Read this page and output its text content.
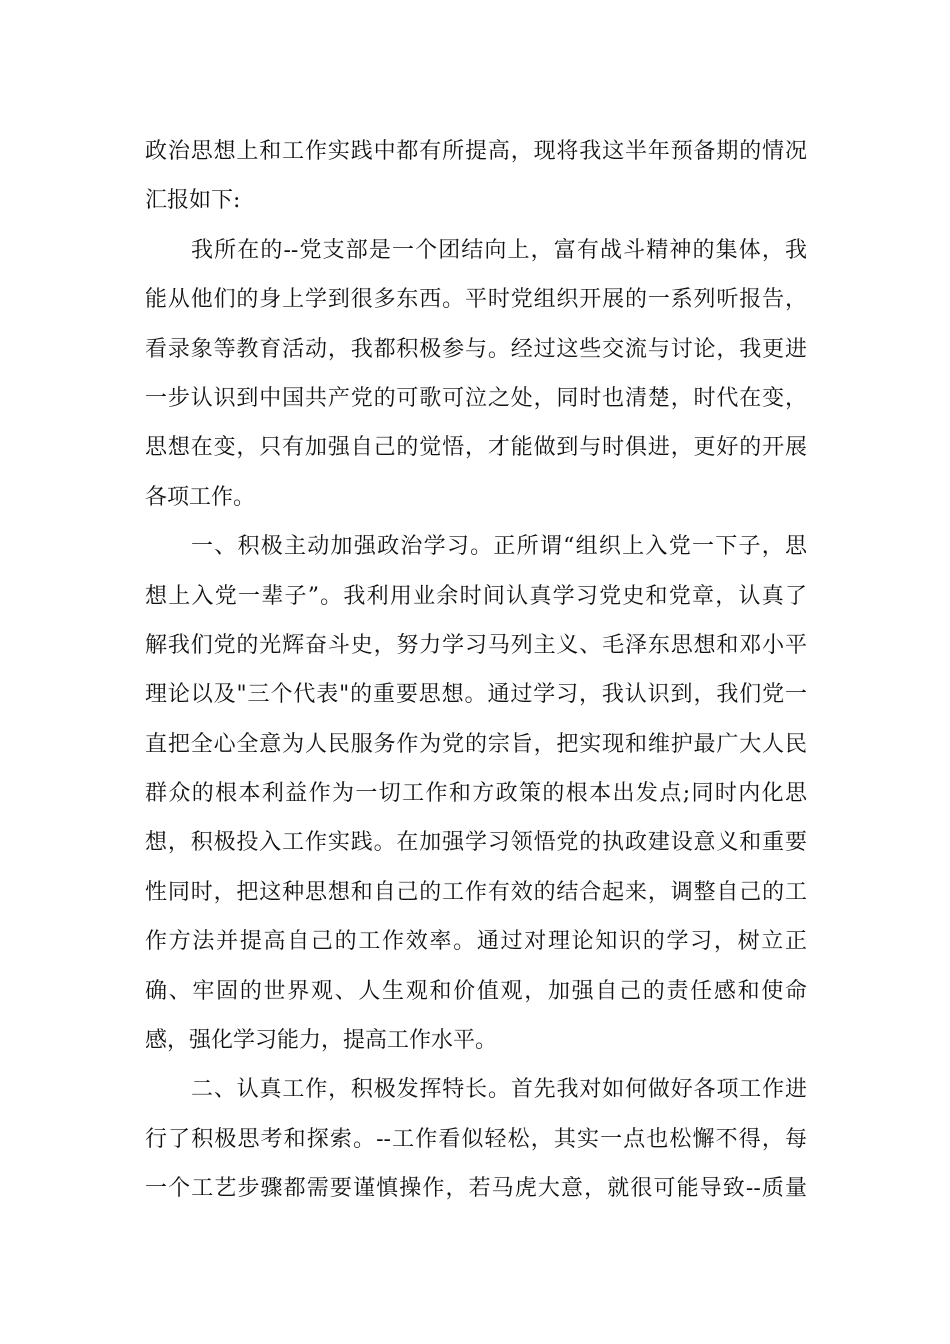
政治思想上和工作实践中都有所提高，现将我这半年预备期的情况
汇报如下:
我所在的--党支部是一个团结向上，富有战斗精神的集体，我
能从他们的身上学到很多东西。平时党组织开展的一系列听报告，
看录象等教育活动，我都积极参与。经过这些交流与讨论，我更进
一步认识到中国共产党的可歌可泣之处，同时也清楚，时代在变，
思想在变，只有加强自己的觉悟，才能做到与时俱进，更好的开展
各项工作。
一、积极主动加强政治学习。正所谓“组织上入党一下子，思
想上入党一辈子”。我利用业余时间认真学习党史和党章，认真了
解我们党的光辉奋斗史，努力学习马列主义、毛泽东思想和邓小平
理论以及"三个代表"的重要思想。通过学习，我认识到，我们党一
直把全心全意为人民服务作为党的宗旨，把实现和维护最广大人民
群众的根本利益作为一切工作和方政策的根本出发点;同时内化思
想，积极投入工作实践。在加强学习领悟党的执政建设意义和重要
性同时，把这种思想和自己的工作有效的结合起来，调整自己的工
作方法并提高自己的工作效率。通过对理论知识的学习，树立正
确、牢固的世界观、人生观和价值观，加强自己的责任感和使命
感，强化学习能力，提高工作水平。
二、认真工作，积极发挥特长。首先我对如何做好各项工作进
行了积极思考和探索。--工作看似轻松，其实一点也松懈不得，每
一个工艺步骤都需要谨慎操作，若马虎大意，就很可能导致--质量
